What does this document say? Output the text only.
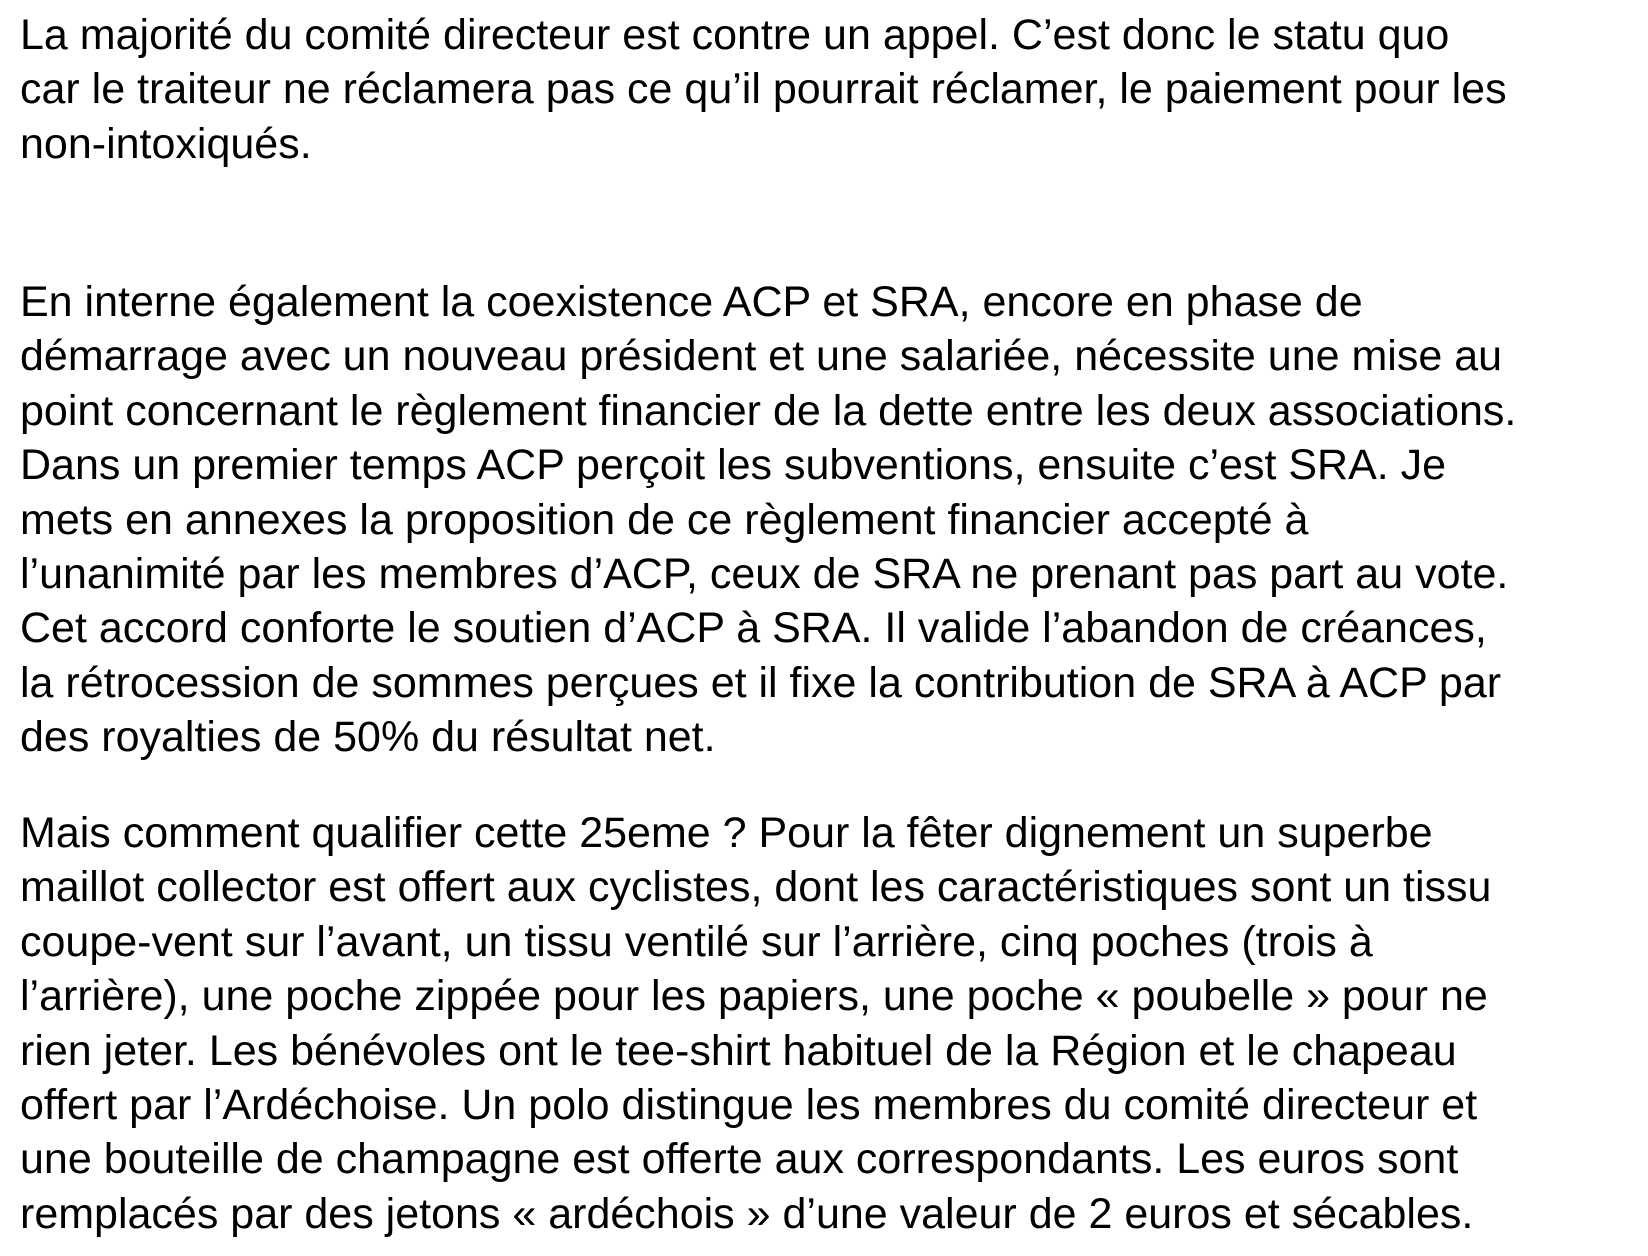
La majorité du comité directeur est contre un appel. C’est donc le statu quo
car le traiteur ne réclamera pas ce qu’il pourrait réclamer, le paiement pour les
non-intoxiqués.
En interne également la coexistence ACP et SRA, encore en phase de
démarrage avec un nouveau président et une salariée, nécessite une mise au
point concernant le règlement financier de la dette entre les deux associations.
Dans un premier temps ACP perçoit les subventions, ensuite c’est SRA. Je
mets en annexes la proposition de ce règlement financier accepté à
l’unanimité par les membres d’ACP, ceux de SRA ne prenant pas part au vote.
Cet accord conforte le soutien d’ACP à SRA. Il valide l’abandon de créances,
la rétrocession de sommes perçues et il fixe la contribution de SRA à ACP par
des royalties de 50% du résultat net.
Mais comment qualifier cette 25eme ? Pour la fêter dignement un superbe
maillot collector est offert aux cyclistes, dont les caractéristiques sont un tissu
coupe-vent sur l’avant, un tissu ventilé sur l’arrière, cinq poches (trois à
l’arrière), une poche zippée pour les papiers, une poche « poubelle » pour ne
rien jeter. Les bénévoles ont le tee-shirt habituel de la Région et le chapeau
offert par l’Ardéchoise. Un polo distingue les membres du comité directeur et
une bouteille de champagne est offerte aux correspondants. Les euros sont
remplacés par des jetons « ardéchois » d’une valeur de 2 euros et sécables.
